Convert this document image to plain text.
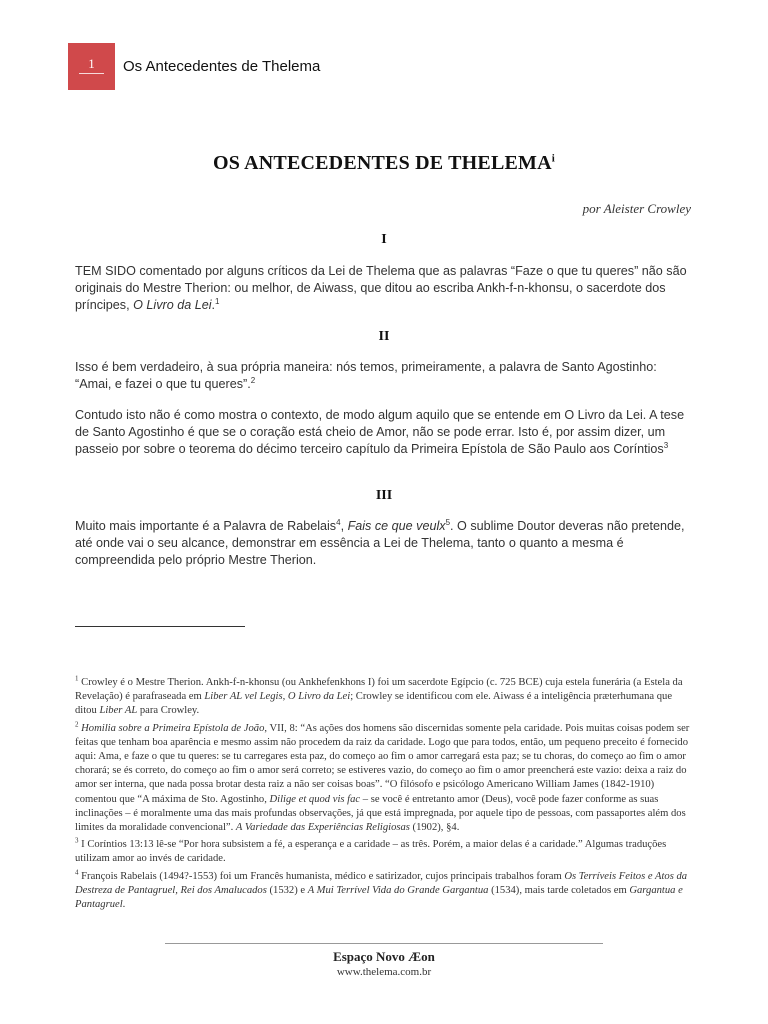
1	Os Antecedentes de Thelema
OS ANTECEDENTES DE THELEMA$^i$
por Aleister Crowley
I
TEM SIDO comentado por alguns críticos da Lei de Thelema que as palavras “Faze o que tu queres” não são originais do Mestre Therion: ou melhor, de Aiwass, que ditou ao escriba Ankh-f-n-khonsu, o sacerdote dos príncipes, O Livro da Lei.$^1$
II
Isso é bem verdadeiro, à sua própria maneira: nós temos, primeiramente, a palavra de Santo Agostinho: “Amai, e fazei o que tu queres”.$^2$
Contudo isto não é como mostra o contexto, de modo algum aquilo que se entende em O Livro da Lei. A tese de Santo Agostinho é que se o coração está cheio de Amor, não se pode errar. Isto é, por assim dizer, um passeio por sobre o teorema do décimo terceiro capítulo da Primeira Epístola de São Paulo aos Coríntios$^3$
III
Muito mais importante é a Palavra de Rabelais$^4$, Fais ce que veulx$^5$. O sublime Doutor deveras não pretende, até onde vai o seu alcance, demonstrar em essência a Lei de Thelema, tanto o quanto a mesma é compreendida pelo próprio Mestre Therion.
$^1$ Crowley é o Mestre Therion. Ankh-f-n-khonsu (ou Ankhefenkhons I) foi um sacerdote Egípcio (c. 725 BCE) cuja estela funerária (a Estela da Revelação) é parafraseada em Liber AL vel Legis, O Livro da Lei; Crowley se identificou com ele. Aiwass é a inteligência præterhumana que ditou Liber AL para Crowley.
$^2$ Homilia sobre a Primeira Epístola de João, VII, 8: “As ações dos homens são discernidas somente pela caridade. Pois muitas coisas podem ser feitas que tenham boa aparência e mesmo assim não procedem da raiz da caridade. Logo que para todos, então, um pequeno preceito é fornecido aqui: Ama, e faze o que tu queres: se tu carregares esta paz, do começo ao fim o amor carregará esta paz; se tu choras, do começo ao fim o amor chorará; se és correto, do começo ao fim o amor será correto; se estiveres vazio, do começo ao fim o amor preencherá este vazio: deixa a raiz do amor ser interna, que nada possa brotar desta raiz a não ser coisas boas”. “O filósofo e psicólogo Americano William James (1842-1910) comentou que “A máxima de Sto. Agostinho, Dilige et quod vis fac – se você é entretanto amor (Deus), você pode fazer conforme as suas inclinações – é moralmente uma das mais profundas observações, já que está impregnada, por aquele tipo de pessoas, com passaportes além dos limites da moralidade convencional”. A Variedade das Experiências Religiosas (1902), §4.
$^3$ I Coríntios 13:13 lê-se “Por hora subsistem a fé, a esperança e a caridade – as três. Porém, a maior delas é a caridade.” Algumas traduções utilizam amor ao invés de caridade.
$^4$ François Rabelais (1494?-1553) foi um Francês humanista, médico e satirizador, cujos principais trabalhos foram Os Terríveis Feitos e Atos da Destreza de Pantagruel, Rei dos Amalucados (1532) e A Mui Terrível Vida do Grande Gargantua (1534), mais tarde coletados em Gargantua e Pantagruel.
Espaço Novo Æon
www.thelema.com.br
